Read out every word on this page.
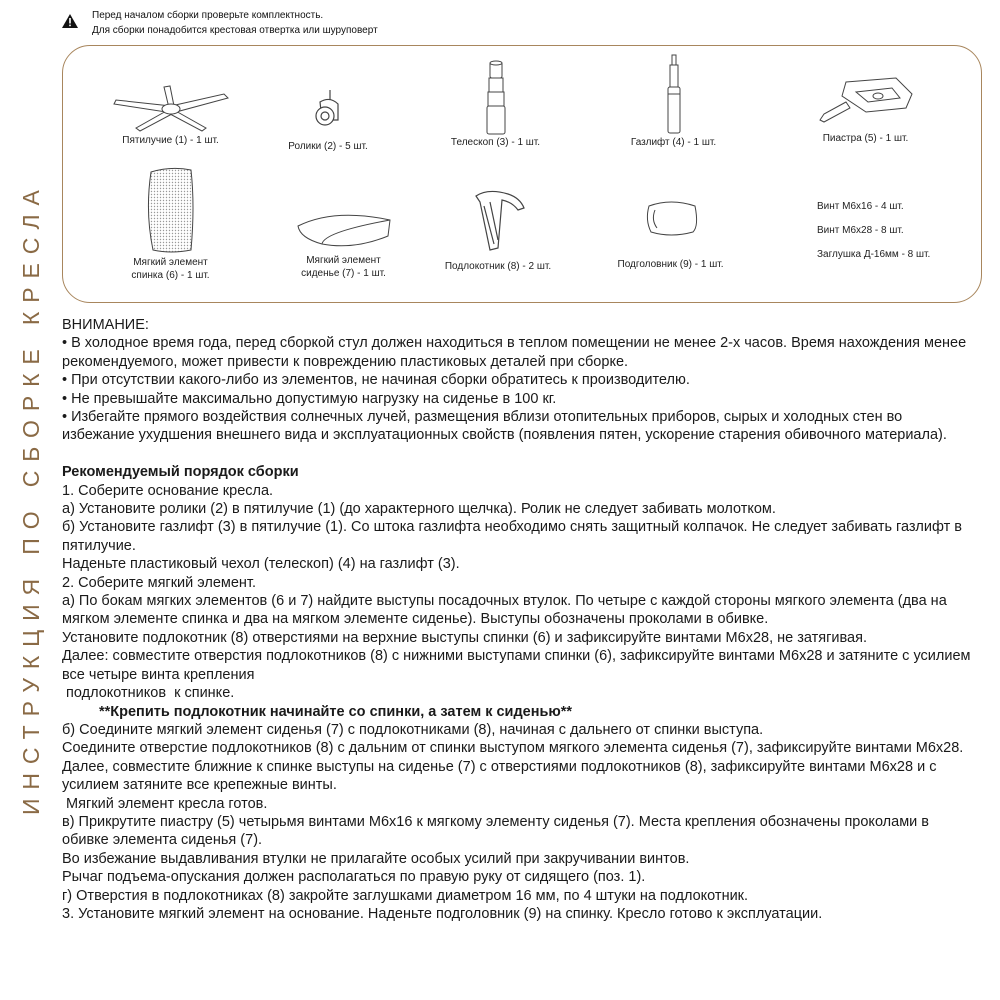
ИНСТРУКЦИЯ ПО СБОРКЕ КРЕСЛА
Перед началом сборки проверьте комплектность.
Для сборки понадобится крестовая отвертка или шуруповерт
Пятилучие (1) - 1 шт.
Ролики (2) - 5 шт.	Телескоп (3) - 1 шт.	Газлифт (4) - 1 шт.	Пиастра (5) - 1 шт.
Мягкий элемент
спинка (6) - 1 шт.
Мягкий элемент
сиденье (7) - 1 шт.
Подлокотник (8) - 2 шт.	Подголовник (9) - 1 шт.
Винт М6х16 - 4 шт.
Винт М6х28 - 8 шт.
Заглушка Д-16мм - 8 шт.

ВНИМАНИЕ:

• В холодное время года, перед сборкой стул должен находиться в теплом помещении не менее 2-х часов. Время нахождения менее рекомендуемого, может привести к повреждению пластиковых деталей при сборке.

• При отсутствии какого-либо из элементов, не начиная сборки обратитесь к производителю.

• Не превышайте максимально допустимую нагрузку на сиденье в 100 кг.

• Избегайте прямого воздействия солнечных лучей, размещения вблизи отопительных приборов, сырых и холодных стен во избежание ухудшения внешнего вида и эксплуатационных свойств (появления пятен, ускорение старения обивочного материала).

Рекомендуемый порядок сборки

1. Соберите основание кресла.

а) Установите ролики (2) в пятилучие (1) (до характерного щелчка). Ролик не следует забивать молотком.

б) Установите газлифт (3) в пятилучие (1). Со штока газлифта необходимо снять защитный колпачок. Не следует забивать газлифт в пятилучие.

Наденьте пластиковый чехол (телескоп) (4) на газлифт (3).

2. Соберите мягкий элемент.

а) По бокам мягких элементов (6 и 7) найдите выступы посадочных втулок. По четыре с каждой стороны мягкого элемента (два на мягком элементе спинка и два на мягком элементе сиденье). Выступы обозначены проколами в обивке.

Установите подлокотник (8) отверстиями на верхние выступы спинки (6) и зафиксируйте винтами М6х28, не затягивая.

Далее: совместите отверстия подлокотников (8) с нижними выступами спинки (6), зафиксируйте винтами М6х28 и затяните с усилием все четыре винта крепления

подлокотников  к спинке.

**Крепить подлокотник начинайте со спинки, а затем к сиденью**

б) Соедините мягкий элемент сиденья (7) с подлокотниками (8), начиная с дальнего от спинки выступа.

Соедините отверстие подлокотников (8) с дальним от спинки выступом мягкого элемента сиденья (7), зафиксируйте винтами М6х28. Далее, совместите ближние к спинке выступы на сиденье (7) с отверстиями подлокотников (8), зафиксируйте винтами М6х28 и с усилием затяните все крепежные винты.

Мягкий элемент кресла готов.

в) Прикрутите пиастру (5) четырьмя винтами М6х16 к мягкому элементу сиденья (7). Места крепления обозначены проколами в обивке элемента сиденья (7).

Во избежание выдавливания втулки не прилагайте особых усилий при закручивании винтов.

Рычаг подъема-опускания должен располагаться по правую руку от сидящего (поз. 1).

г) Отверстия в подлокотниках (8) закройте заглушками диаметром 16 мм, по 4 штуки на подлокотник.

3. Установите мягкий элемент на основание. Наденьте подголовник (9) на спинку. Кресло готово к эксплуатации.
